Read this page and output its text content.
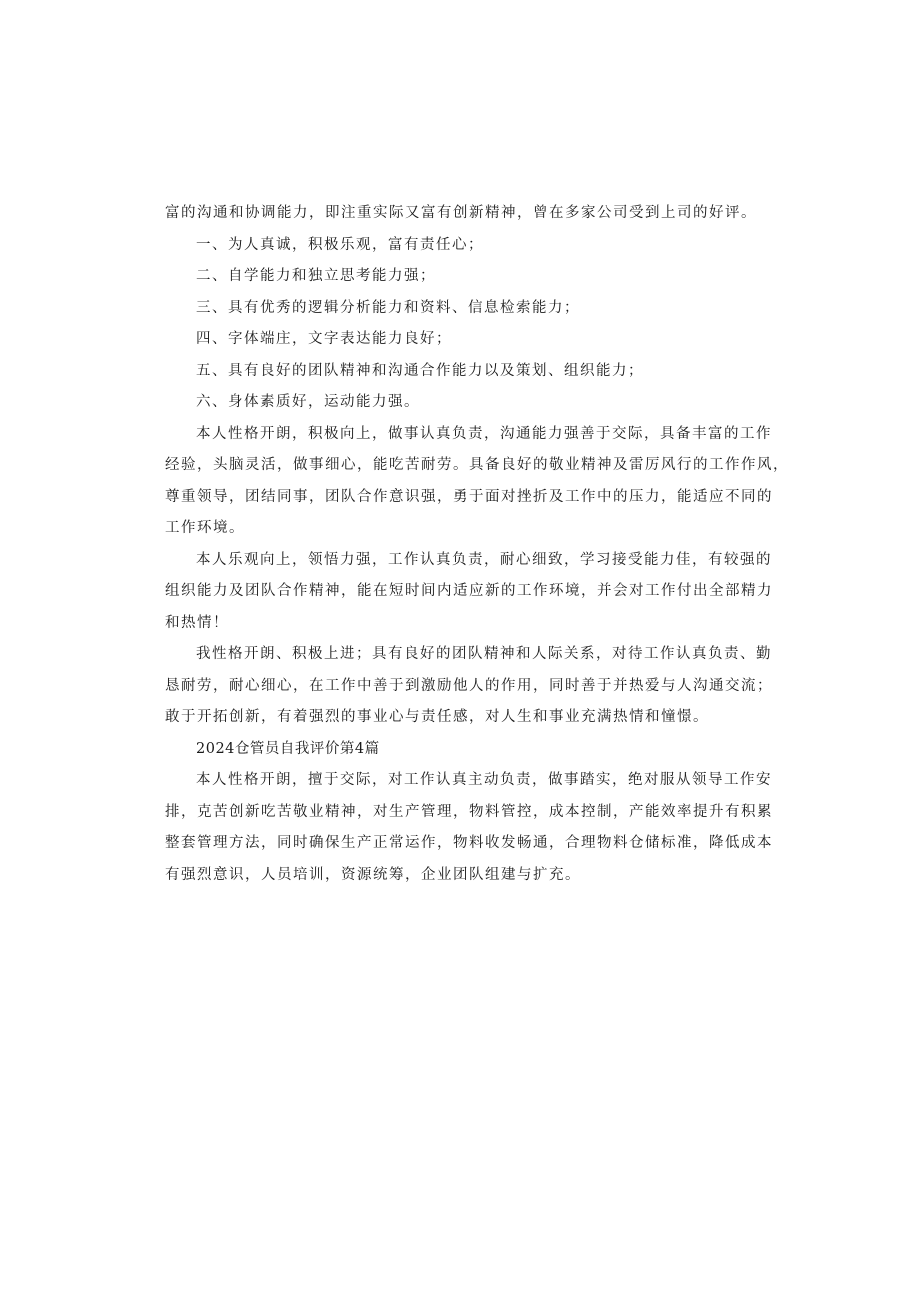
富的沟通和协调能力，即注重实际又富有创新精神，曾在多家公司受到上司的好评。
一、为人真诚，积极乐观，富有责任心；
二、自学能力和独立思考能力强；
三、具有优秀的逻辑分析能力和资料、信息检索能力；
四、字体端庄，文字表达能力良好；
五、具有良好的团队精神和沟通合作能力以及策划、组织能力；
六、身体素质好，运动能力强。
本人性格开朗，积极向上，做事认真负责，沟通能力强善于交际，具备丰富的工作
经验，头脑灵活，做事细心，能吃苦耐劳。具备良好的敬业精神及雷厉风行的工作作风，
尊重领导，团结同事，团队合作意识强，勇于面对挫折及工作中的压力，能适应不同的
工作环境。
本人乐观向上，领悟力强，工作认真负责，耐心细致，学习接受能力佳，有较强的
组织能力及团队合作精神，能在短时间内适应新的工作环境，并会对工作付出全部精力
和热情！
我性格开朗、积极上进；具有良好的团队精神和人际关系，对待工作认真负责、勤
恳耐劳，耐心细心，在工作中善于到激励他人的作用，同时善于并热爱与人沟通交流；
敢于开拓创新，有着强烈的事业心与责任感，对人生和事业充满热情和憧憬。
2024仓管员自我评价第4篇
本人性格开朗，擅于交际，对工作认真主动负责，做事踏实，绝对服从领导工作安
排，克苦创新吃苦敬业精神，对生产管理，物料管控，成本控制，产能效率提升有积累
整套管理方法，同时确保生产正常运作，物料收发畅通，合理物料仓储标准，降低成本
有强烈意识，人员培训，资源统筹，企业团队组建与扩充。
